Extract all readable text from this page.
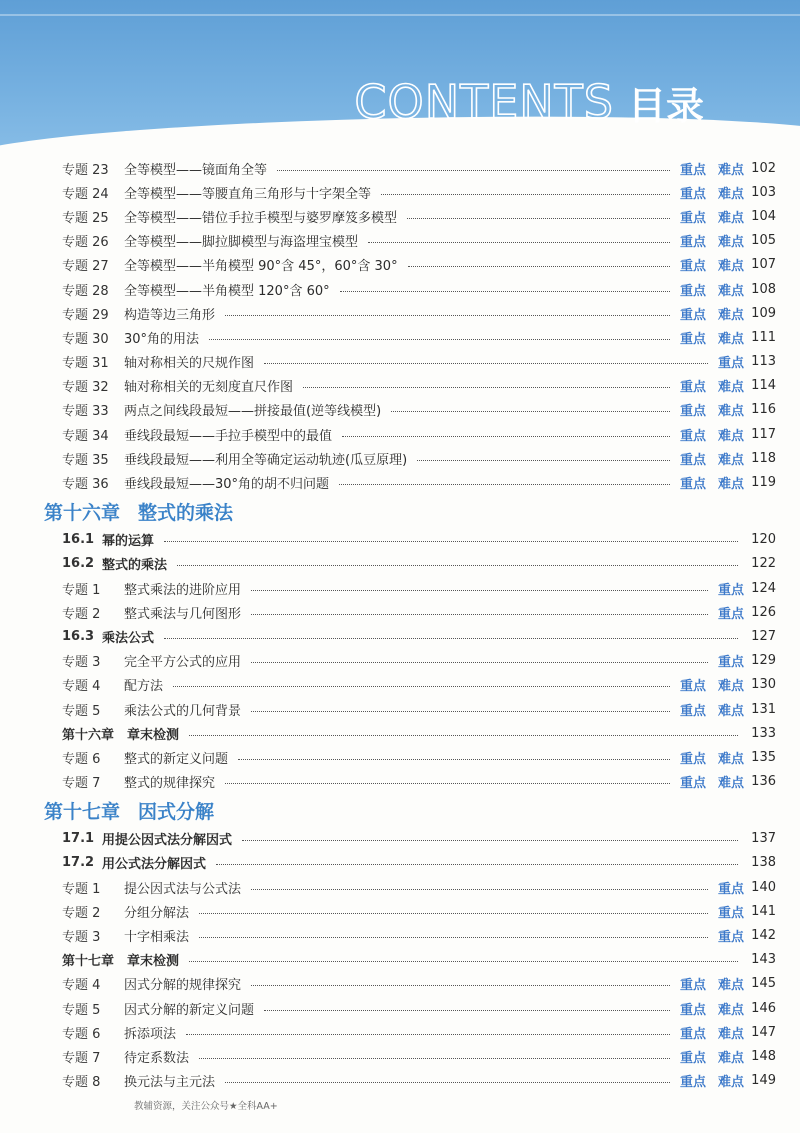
CONTENTS 目录
专题 23	全等模型——镜面角全等	重点 难点 102
专题 24	全等模型——等腰直角三角形与十字架全等	重点 难点 103
专题 25	全等模型——错位手拉手模型与婆罗摩笈多模型	重点 难点 104
专题 26	全等模型——脚拉脚模型与海盗埋宝模型	重点 难点 105
专题 27	全等模型——半角模型 90°含 45°，60°含 30°	重点 难点 107
专题 28	全等模型——半角模型 120°含 60°	重点 难点 108
专题 29	构造等边三角形	重点 难点 109
专题 30	30°角的用法	重点 难点 111
专题 31	轴对称相关的尺规作图	重点 113
专题 32	轴对称相关的无刻度直尺作图	重点 难点 114
专题 33	两点之间线段最短——拼接最值(逆等线模型)	重点 难点 116
专题 34	垂线段最短——手拉手模型中的最值	重点 难点 117
专题 35	垂线段最短——利用全等确定运动轨迹(瓜豆原理)	重点 难点 118
专题 36	垂线段最短——30°角的胡不归问题	重点 难点 119
第十六章 整式的乘法
16.1 幂的运算	120
16.2 整式的乘法	122
专题 1	整式乘法的进阶应用	重点 124
专题 2	整式乘法与几何图形	重点 126
16.3 乘法公式	127
专题 3	完全平方公式的应用	重点 129
专题 4	配方法	重点 难点 130
专题 5	乘法公式的几何背景	重点 难点 131
第十六章　章末检测	133
专题 6	整式的新定义问题	重点 难点 135
专题 7	整式的规律探究	重点 难点 136
第十七章 因式分解
17.1 用提公因式法分解因式	137
17.2 用公式法分解因式	138
专题 1	提公因式法与公式法	重点 140
专题 2	分组分解法	重点 141
专题 3	十字相乘法	重点 142
第十七章　章末检测	143
专题 4	因式分解的规律探究	重点 难点 145
专题 5	因式分解的新定义问题	重点 难点 146
专题 6	拆添项法	重点 难点 147
专题 7	待定系数法	重点 难点 148
专题 8	换元法与主元法	重点 难点 149
教辅资源，关注公众号★全科AA+
